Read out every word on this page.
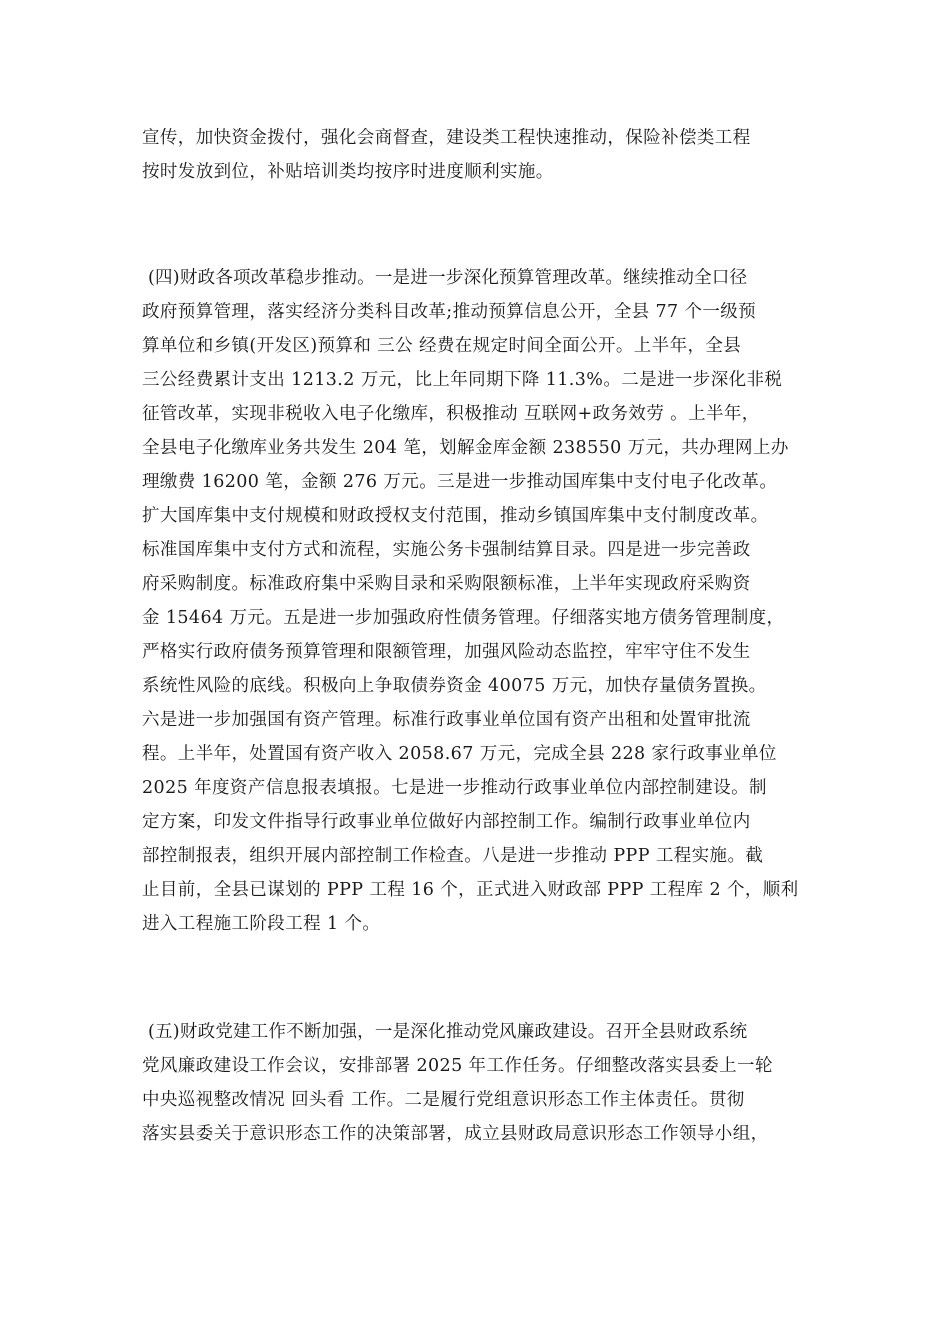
宣传，加快资金拨付，强化会商督查，建设类工程快速推动，保险补偿类工程
按时发放到位，补贴培训类均按序时进度顺利实施。
(四)财政各项改革稳步推动。一是进一步深化预算管理改革。继续推动全口径
政府预算管理，落实经济分类科目改革;推动预算信息公开，全县 77 个一级预
算单位和乡镇(开发区)预算和 三公 经费在规定时间全面公开。上半年，全县
三公经费累计支出 1213.2 万元，比上年同期下降 11.3%。二是进一步深化非税
征管改革，实现非税收入电子化缴库，积极推动 互联网+政务效劳 。上半年，
全县电子化缴库业务共发生 204 笔，划解金库金额 238550 万元，共办理网上办
理缴费 16200 笔，金额 276 万元。三是进一步推动国库集中支付电子化改革。
扩大国库集中支付规模和财政授权支付范围，推动乡镇国库集中支付制度改革。
标准国库集中支付方式和流程，实施公务卡强制结算目录。四是进一步完善政
府采购制度。标准政府集中采购目录和采购限额标准，上半年实现政府采购资
金 15464 万元。五是进一步加强政府性债务管理。仔细落实地方债务管理制度，
严格实行政府债务预算管理和限额管理，加强风险动态监控，牢牢守住不发生
系统性风险的底线。积极向上争取债券资金 40075 万元，加快存量债务置换。
六是进一步加强国有资产管理。标准行政事业单位国有资产出租和处置审批流
程。上半年，处置国有资产收入 2058.67 万元，完成全县 228 家行政事业单位
2025 年度资产信息报表填报。七是进一步推动行政事业单位内部控制建设。制
定方案，印发文件指导行政事业单位做好内部控制工作。编制行政事业单位内
部控制报表，组织开展内部控制工作检查。八是进一步推动 PPP 工程实施。截
止目前，全县已谋划的 PPP 工程 16 个，正式进入财政部 PPP 工程库 2 个，顺利
进入工程施工阶段工程 1 个。
(五)财政党建工作不断加强，一是深化推动党风廉政建设。召开全县财政系统
党风廉政建设工作会议，安排部署 2025 年工作任务。仔细整改落实县委上一轮
中央巡视整改情况 回头看 工作。二是履行党组意识形态工作主体责任。贯彻
落实县委关于意识形态工作的决策部署，成立县财政局意识形态工作领导小组，
